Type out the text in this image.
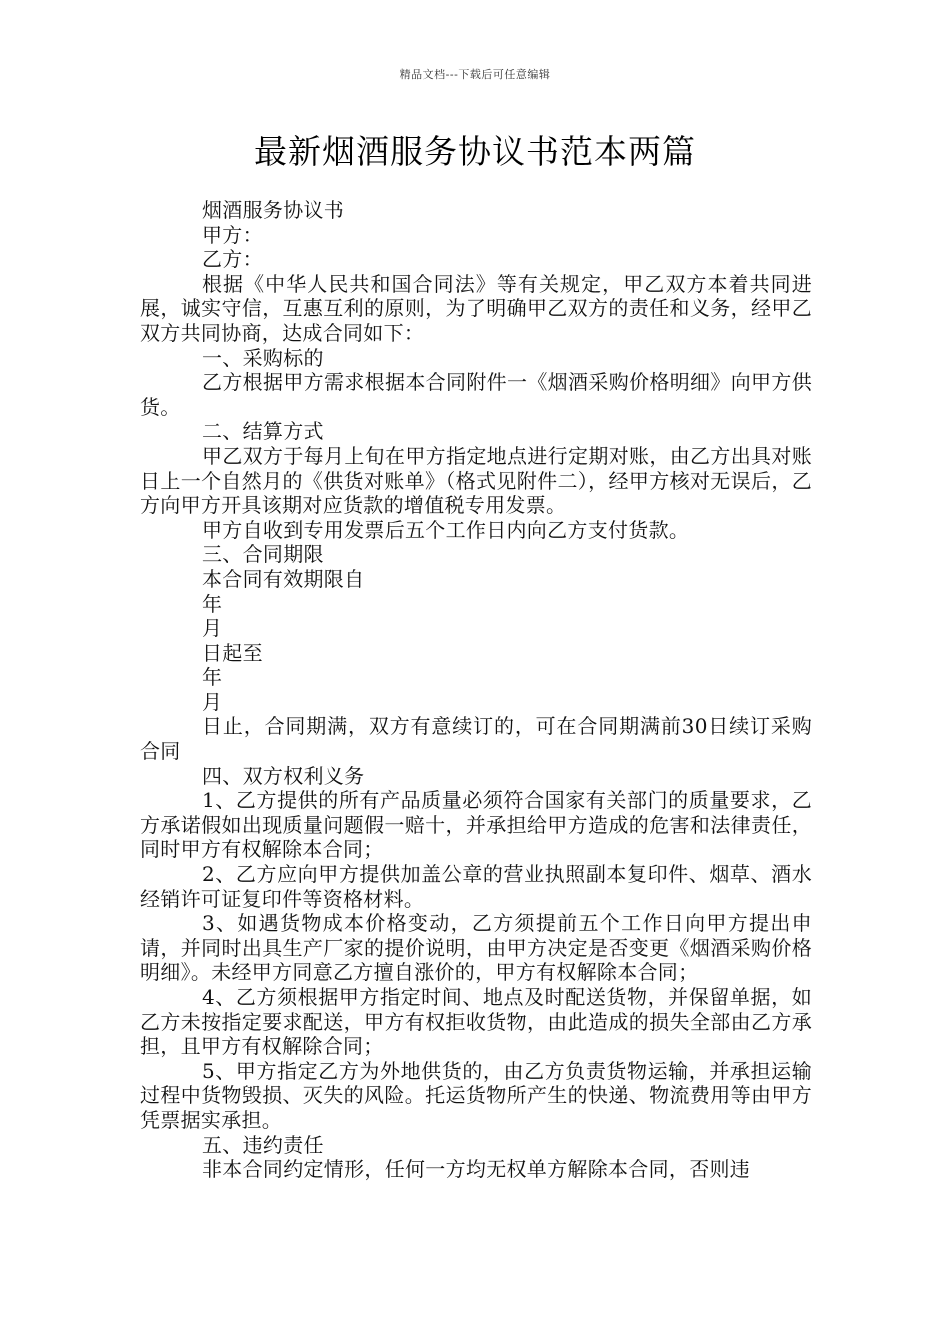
精品文档---下载后可任意编辑
最新烟酒服务协议书范本两篇

烟酒服务协议书

甲方：

乙方：

根据《中华人民共和国合同法》等有关规定，甲乙双方本着共同进展，诚实守信，互惠互利的原则，为了明确甲乙双方的责任和义务，经甲乙双方共同协商，达成合同如下：

一、采购标的

乙方根据甲方需求根据本合同附件一《烟酒采购价格明细》向甲方供货。

二、结算方式

甲乙双方于每月上旬在甲方指定地点进行定期对账，由乙方出具对账日上一个自然月的《供货对账单》（格式见附件二），经甲方核对无误后，乙方向甲方开具该期对应货款的增值税专用发票。

甲方自收到专用发票后五个工作日内向乙方支付货款。

三、合同期限

本合同有效期限自

年

月

日起至

年

月

日止，合同期满，双方有意续订的，可在合同期满前30日续订采购合同

四、双方权利义务

1、乙方提供的所有产品质量必须符合国家有关部门的质量要求，乙方承诺假如出现质量问题假一赔十，并承担给甲方造成的危害和法律责任，同时甲方有权解除本合同；

2、乙方应向甲方提供加盖公章的营业执照副本复印件、烟草、酒水经销许可证复印件等资格材料。

3、如遇货物成本价格变动，乙方须提前五个工作日向甲方提出申请，并同时出具生产厂家的提价说明，由甲方决定是否变更《烟酒采购价格明细》。未经甲方同意乙方擅自涨价的，甲方有权解除本合同；

4、乙方须根据甲方指定时间、地点及时配送货物，并保留单据，如乙方未按指定要求配送，甲方有权拒收货物，由此造成的损失全部由乙方承担，且甲方有权解除合同；

5、甲方指定乙方为外地供货的，由乙方负责货物运输，并承担运输过程中货物毁损、灭失的风险。托运货物所产生的快递、物流费用等由甲方凭票据实承担。

五、违约责任

非本合同约定情形，任何一方均无权单方解除本合同，否则违
